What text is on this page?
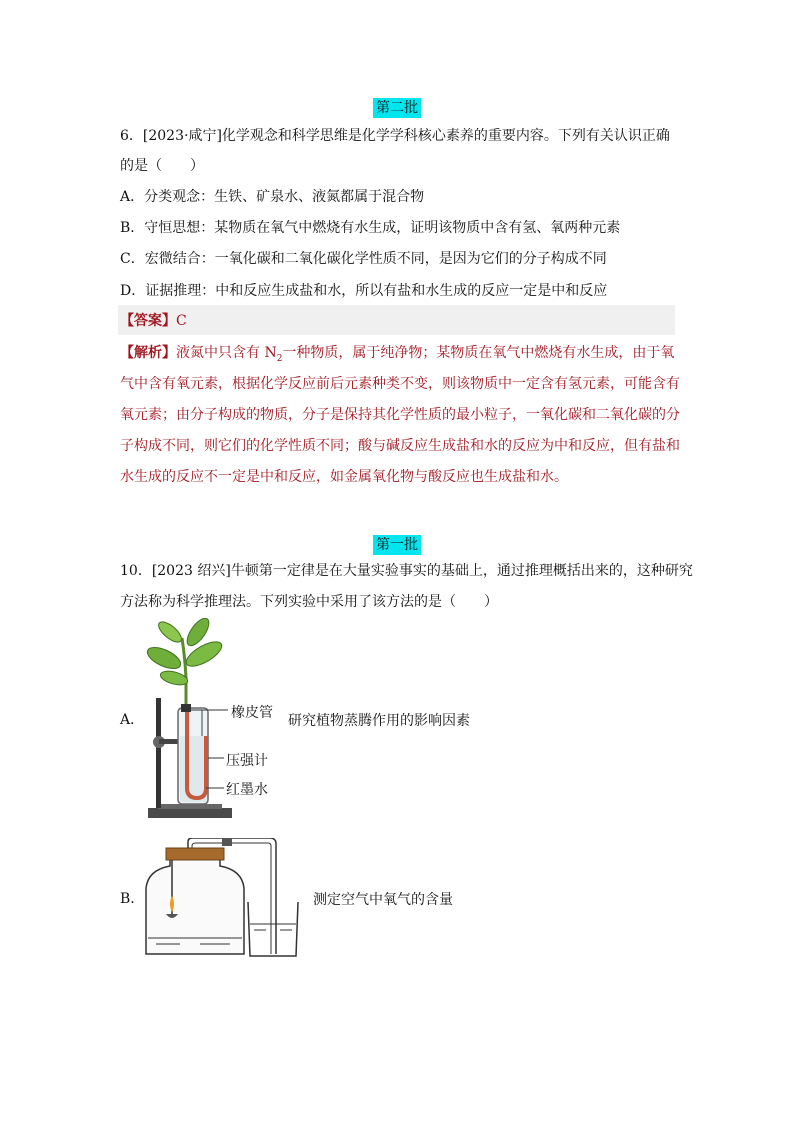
第二批
6．[2023·咸宁]化学观念和科学思维是化学学科核心素养的重要内容。下列有关认识正确
的是（　　）
A．分类观念：生铁、矿泉水、液氮都属于混合物
B．守恒思想：某物质在氧气中燃烧有水生成，证明该物质中含有氢、氧两种元素
C．宏微结合：一氧化碳和二氧化碳化学性质不同，是因为它们的分子构成不同
D．证据推理：中和反应生成盐和水，所以有盐和水生成的反应一定是中和反应
【答案】C
【解析】液氮中只含有 $N_2$一种物质，属于纯净物；某物质在氧气中燃烧有水生成，由于氧
气中含有氧元素，根据化学反应前后元素种类不变，则该物质中一定含有氢元素，可能含有
氧元素；由分子构成的物质，分子是保持其化学性质的最小粒子，一氧化碳和二氧化碳的分
子构成不同，则它们的化学性质不同；酸与碱反应生成盐和水的反应为中和反应，但有盐和
水生成的反应不一定是中和反应，如金属氧化物与酸反应也生成盐和水。
第一批
10．[2023 绍兴]牛顿第一定律是在大量实验事实的基础上，通过推理概括出来的，这种研究
方法称为科学推理法。下列实验中采用了该方法的是（　　）
A．	橡皮管
压强计
红墨水
研究植物蒸腾作用的影响因素
B．	测定空气中氧气的含量
